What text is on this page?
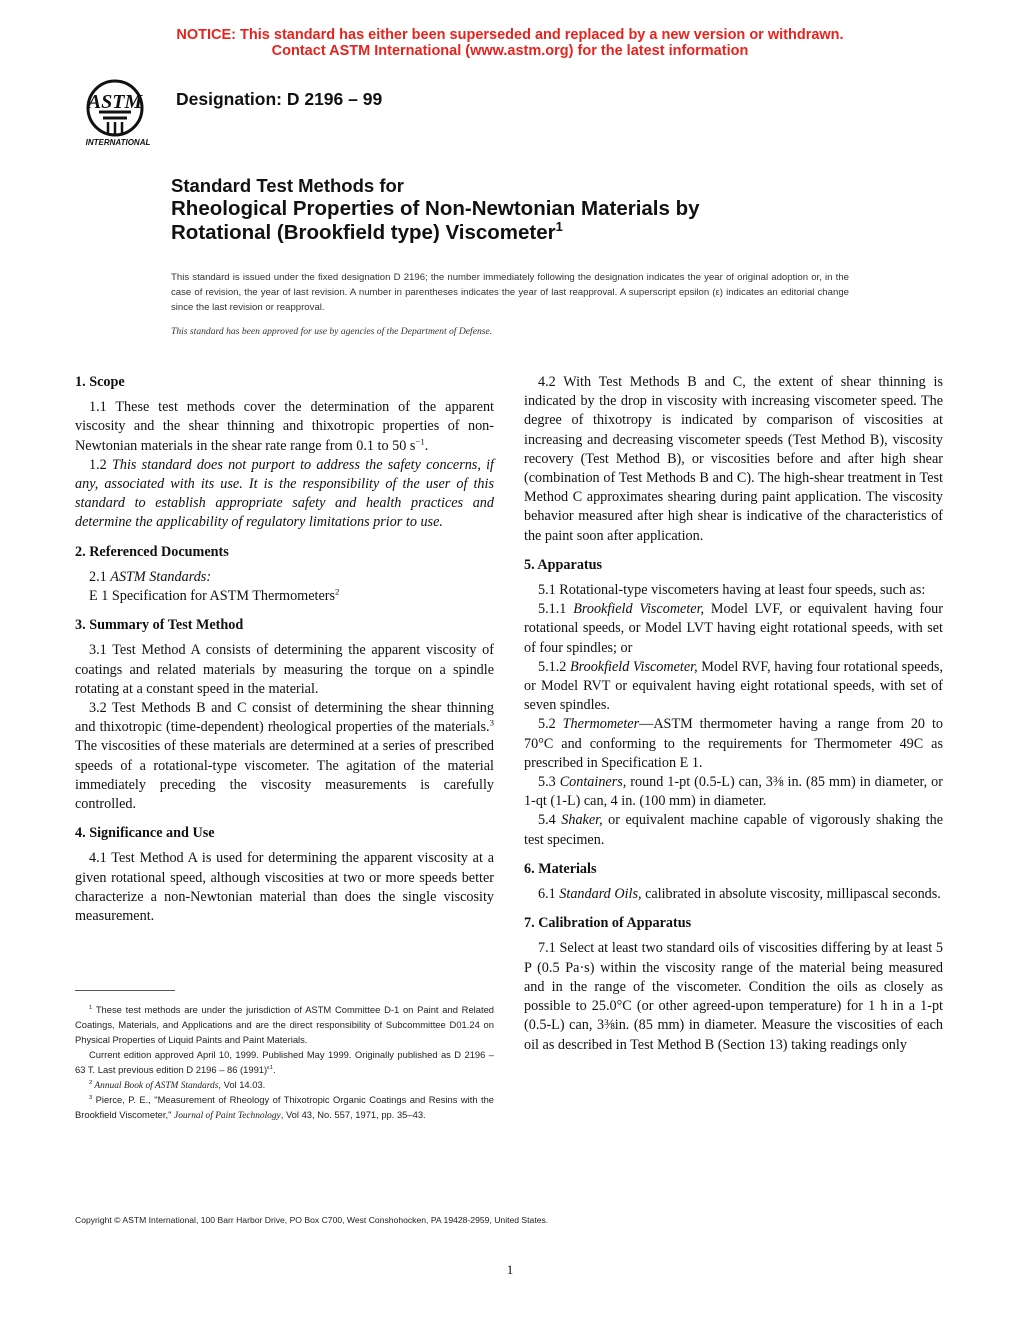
NOTICE: This standard has either been superseded and replaced by a new version or withdrawn.
Contact ASTM International (www.astm.org) for the latest information
ASTM
INTERNATIONAL
Designation: D 2196 – 99
Standard Test Methods for
Rheological Properties of Non-Newtonian Materials by
Rotational (Brookfield type) Viscometer$^1$
This standard is issued under the fixed designation D 2196; the number immediately following the designation indicates the year of original adoption or, in the case of revision, the year of last revision. A number in parentheses indicates the year of last reapproval. A superscript epsilon (ε) indicates an editorial change since the last revision or reapproval.
This standard has been approved for use by agencies of the Department of Defense.
1. Scope

1.1 These test methods cover the determination of the apparent viscosity and the shear thinning and thixotropic properties of non-Newtonian materials in the shear rate range from 0.1 to 50 $s^{-1}$.

1.2 This standard does not purport to address the safety concerns, if any, associated with its use. It is the responsibility of the user of this standard to establish appropriate safety and health practices and determine the applicability of regulatory limitations prior to use.

2. Referenced Documents

2.1 ASTM Standards:

E 1 Specification for ASTM Thermometers$^2$

3. Summary of Test Method

3.1 Test Method A consists of determining the apparent viscosity of coatings and related materials by measuring the torque on a spindle rotating at a constant speed in the material.

3.2 Test Methods B and C consist of determining the shear thinning and thixotropic (time-dependent) rheological properties of the materials.$^3$ The viscosities of these materials are determined at a series of prescribed speeds of a rotational-type viscometer. The agitation of the material immediately preceding the viscosity measurements is carefully controlled.

4. Significance and Use

4.1 Test Method A is used for determining the apparent viscosity at a given rotational speed, although viscosities at two or more speeds better characterize a non-Newtonian material than does the single viscosity measurement.

4.2 With Test Methods B and C, the extent of shear thinning is indicated by the drop in viscosity with increasing viscometer speed. The degree of thixotropy is indicated by comparison of viscosities at increasing and decreasing viscometer speeds (Test Method B), viscosity recovery (Test Method B), or viscosities before and after high shear (combination of Test Methods B and C). The high-shear treatment in Test Method C approximates shearing during paint application. The viscosity behavior measured after high shear is indicative of the characteristics of the paint soon after application.

5. Apparatus

5.1 Rotational-type viscometers having at least four speeds, such as:

5.1.1 Brookfield Viscometer, Model LVF, or equivalent having four rotational speeds, or Model LVT having eight rotational speeds, with set of four spindles; or

5.1.2 Brookfield Viscometer, Model RVF, having four rotational speeds, or Model RVT or equivalent having eight rotational speeds, with set of seven spindles.

5.2 Thermometer—ASTM thermometer having a range from 20 to 70°C and conforming to the requirements for Thermometer 49C as prescribed in Specification E 1.

5.3 Containers, round 1-pt (0.5-L) can, 3⅜ in. (85 mm) in diameter, or 1-qt (1-L) can, 4 in. (100 mm) in diameter.

5.4 Shaker, or equivalent machine capable of vigorously shaking the test specimen.

6. Materials

6.1 Standard Oils, calibrated in absolute viscosity, millipascal seconds.

7. Calibration of Apparatus

7.1 Select at least two standard oils of viscosities differing by at least 5 P (0.5 Pa·s) within the viscosity range of the material being measured and in the range of the viscometer. Condition the oils as closely as possible to 25.0°C (or other agreed-upon temperature) for 1 h in a 1-pt (0.5-L) can, 3⅜in. (85 mm) in diameter. Measure the viscosities of each oil as described in Test Method B (Section 13) taking readings only

$^1$ These test methods are under the jurisdiction of ASTM Committee D-1 on Paint and Related Coatings, Materials, and Applications and are the direct responsibility of Subcommittee D01.24 on Physical Properties of Liquid Paints and Paint Materials.

Current edition approved April 10, 1999. Published May 1999. Originally published as D 2196 – 63 T. Last previous edition D 2196 – 86 $(1991)^{\varepsilon 1}$.

$^2$ Annual Book of ASTM Standards, Vol 14.03.

$^3$ Pierce, P. E., "Measurement of Rheology of Thixotropic Organic Coatings and Resins with the Brookfield Viscometer," Journal of Paint Technology, Vol 43, No. 557, 1971, pp. 35–43.

Copyright © ASTM International, 100 Barr Harbor Drive, PO Box C700, West Conshohocken, PA 19428-2959, United States.
1
